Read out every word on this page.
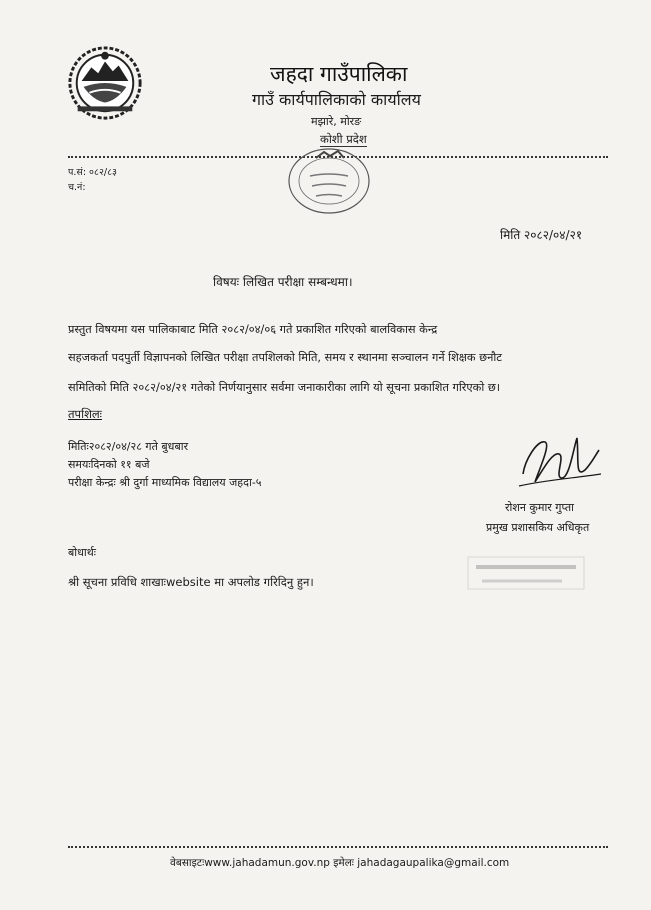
जहदा गाउँपालिका
गाउँ कार्यपालिकाको कार्यालय
मझारे, मोरङ
कोशी प्रदेश
प.सं: ०८२/८३
च.नं:
मिति २०८२/०४/२१
विषयः लिखित परीक्षा सम्बन्धमा।
प्रस्तुत विषयमा यस पालिकाबाट मिति २०८२/०४/०६ गते प्रकाशित गरिएको बालविकास केन्द्र
सहजकर्ता पदपुर्ती विज्ञापनको लिखित परीक्षा तपशिलको मिति, समय र स्थानमा सञ्चालन गर्ने शिक्षक छनौट
समितिको मिति २०८२/०४/२१ गतेको निर्णयानुसार सर्वमा जनाकारीका लागि यो सूचना प्रकाशित गरिएको छ।
तपशिलः
मितिः२०८२/०४/२८ गते बुधबार
समयःदिनको ११ बजे
परीक्षा केन्द्रः श्री दुर्गा माध्यमिक विद्यालय जहदा-५
रोशन कुमार गुप्ता
प्रमुख प्रशासकिय अधिकृत
बोधार्थः
श्री सूचना प्रविधि शाखाःwebsite मा अपलोड गरिदिनु हुन।
वेबसाइटःwww.jahadamun.gov.np इमेलः jahadagaupalika@gmail.com
